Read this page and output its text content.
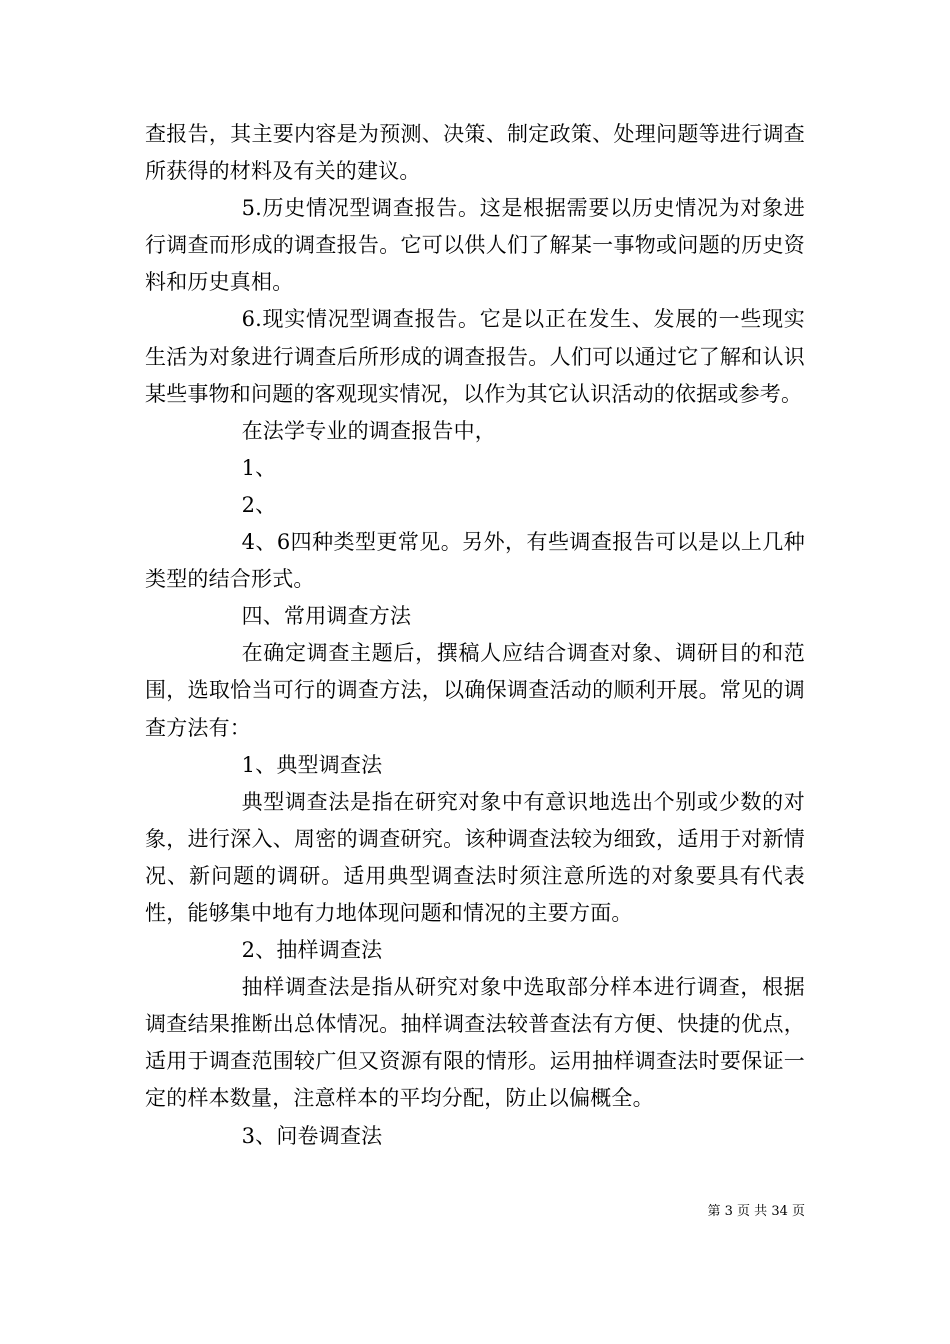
查报告，其主要内容是为预测、决策、制定政策、处理问题等进行调查所获得的材料及有关的建议。

5.历史情况型调查报告。这是根据需要以历史情况为对象进行调查而形成的调查报告。它可以供人们了解某一事物或问题的历史资料和历史真相。

6.现实情况型调查报告。它是以正在发生、发展的一些现实生活为对象进行调查后所形成的调查报告。人们可以通过它了解和认识某些事物和问题的客观现实情况，以作为其它认识活动的依据或参考。

在法学专业的调查报告中，

1、

2、

4、6四种类型更常见。另外，有些调查报告可以是以上几种类型的结合形式。

四、常用调查方法

在确定调查主题后，撰稿人应结合调查对象、调研目的和范围，选取恰当可行的调查方法，以确保调查活动的顺利开展。常见的调查方法有：

1、典型调查法

典型调查法是指在研究对象中有意识地选出个别或少数的对象，进行深入、周密的调查研究。该种调查法较为细致，适用于对新情况、新问题的调研。适用典型调查法时须注意所选的对象要具有代表性，能够集中地有力地体现问题和情况的主要方面。

2、抽样调查法

抽样调查法是指从研究对象中选取部分样本进行调查，根据调查结果推断出总体情况。抽样调查法较普查法有方便、快捷的优点，适用于调查范围较广但又资源有限的情形。运用抽样调查法时要保证一定的样本数量，注意样本的平均分配，防止以偏概全。

3、问卷调查法

第 3 页 共 34 页
